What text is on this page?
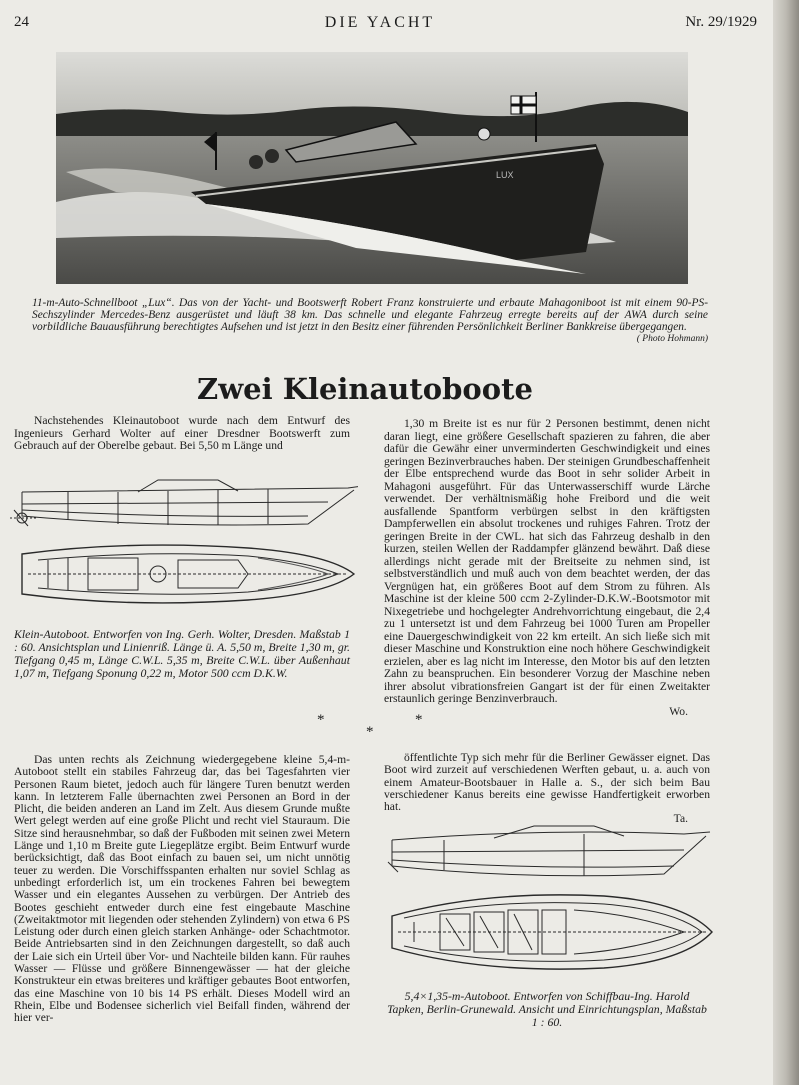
24	DIE YACHT	Nr. 29/1929
LUX
11-m-Auto-Schnellboot „Lux“. Das von der Yacht- und Bootswerft Robert Franz konstruierte und erbaute Mahagoniboot ist mit einem 90-PS-Sechszylinder Mercedes-Benz ausgerüstet und läuft 38 km. Das schnelle und elegante Fahrzeug erregte bereits auf der AWA durch seine vorbildliche Bauausführung berechtigtes Aufsehen und ist jetzt in den Besitz einer führenden Persönlichkeit Berliner Bankkreise übergegangen.
( Photo Hohmann)
Zwei Kleinautoboote

Nachstehendes Kleinautoboot wurde nach dem Entwurf des Ingenieurs Gerhard Wolter auf einer Dresdner Bootswerft zum Gebrauch auf der Oberelbe gebaut. Bei 5,50 m Länge und

1,30 m Breite ist es nur für 2 Personen bestimmt, denen nicht daran liegt, eine größere Gesellschaft spazieren zu fahren, die aber dafür die Gewähr einer unverminderten Geschwindigkeit und eines geringen Bezinverbrauches haben. Der steinigen Grundbeschaffenheit der Elbe entsprechend wurde das Boot in sehr solider Arbeit in Mahagoni ausgeführt. Für das Unterwasserschiff wurde Lärche verwendet. Der verhältnismäßig hohe Freibord und die weit ausfallende Spantform verbürgen selbst in den kräftigsten Dampferwellen ein absolut trockenes und ruhiges Fahren. Trotz der geringen Breite in der CWL. hat sich das Fahrzeug deshalb in den kurzen, steilen Wellen der Raddampfer glänzend bewährt. Daß diese allerdings nicht gerade mit der Breitseite zu nehmen sind, ist selbstverständlich und muß auch von dem beachtet werden, der das Vergnügen hat, ein größeres Boot auf dem Strom zu führen. Als Maschine ist der kleine 500 ccm 2-Zylinder-D.K.W.-Bootsmotor mit Nixegetriebe und hochgelegter Andrehvorrichtung eingebaut, die 2,4 zu 1 untersetzt ist und dem Fahrzeug bei 1000 Turen am Propeller eine Dauergeschwindigkeit von 22 km erteilt. An sich ließe sich mit dieser Maschine und Konstruktion eine noch höhere Geschwindigkeit erzielen, aber es lag nicht im Interesse, den Motor bis auf den letzten Zahn zu beanspruchen. Ein besonderer Vorzug der Maschine neben ihrer absolut vibrationsfreien Gangart ist der für einen Zweitakter erstaunlich geringe Benzinverbrauch.

Wo.
Klein-Autoboot. Entworfen von Ing. Gerh. Wolter, Dresden. Maßstab 1 : 60. Ansichtsplan und Linienriß. Länge ü. A. 5,50 m, Breite 1,30 m, gr. Tiefgang 0,45 m, Länge C.W.L. 5,35 m, Breite C.W.L. über Außenhaut 1,07 m, Tiefgang Sponung 0,22 m, Motor 500 ccm D.K.W.
*
*
*

Das unten rechts als Zeichnung wiedergegebene kleine 5,4-m-Autoboot stellt ein stabiles Fahrzeug dar, das bei Tagesfahrten vier Personen Raum bietet, jedoch auch für längere Turen benutzt werden kann. In letzterem Falle übernachten zwei Personen an Bord in der Plicht, die beiden anderen an Land im Zelt. Aus diesem Grunde mußte Wert gelegt werden auf eine große Plicht und recht viel Stauraum. Die Sitze sind herausnehmbar, so daß der Fußboden mit seinen zwei Metern Länge und 1,10 m Breite gute Liegeplätze ergibt. Beim Entwurf wurde berücksichtigt, daß das Boot einfach zu bauen sei, um nicht unnötig teuer zu werden. Die Vorschiffsspanten erhalten nur soviel Schlag as unbedingt erforderlich ist, um ein trockenes Fahren bei bewegtem Wasser und ein elegantes Aussehen zu verbürgen. Der Antrieb des Bootes geschieht entweder durch eine fest eingebaute Maschine (Zweitaktmotor mit liegenden oder stehenden Zylindern) von etwa 6 PS Leistung oder durch einen gleich starken Anhänge- oder Schachtmotor. Beide Antriebsarten sind in den Zeichnungen dargestellt, so daß auch der Laie sich ein Urteil über Vor- und Nachteile bilden kann. Für rauhes Wasser — Flüsse und größere Binnengewässer — hat der gleiche Konstrukteur ein etwas breiteres und kräftiger gebautes Boot entworfen, das eine Maschine von 10 bis 14 PS erhält. Dieses Modell wird an Rhein, Elbe und Bodensee sicherlich viel Beifall finden, während der hier ver-

öffentlichte Typ sich mehr für die Berliner Gewässer eignet. Das Boot wird zurzeit auf verschiedenen Werften gebaut, u. a. auch von einem Amateur-Bootsbauer in Halle a. S., der sich beim Bau verschiedener Kanus bereits eine gewisse Handfertigkeit erworben hat.

Ta.
5,4×1,35-m-Autoboot. Entworfen von Schiffbau-Ing. Harold Tapken, Berlin-Grunewald. Ansicht und Einrichtungsplan, Maßstab 1 : 60.
